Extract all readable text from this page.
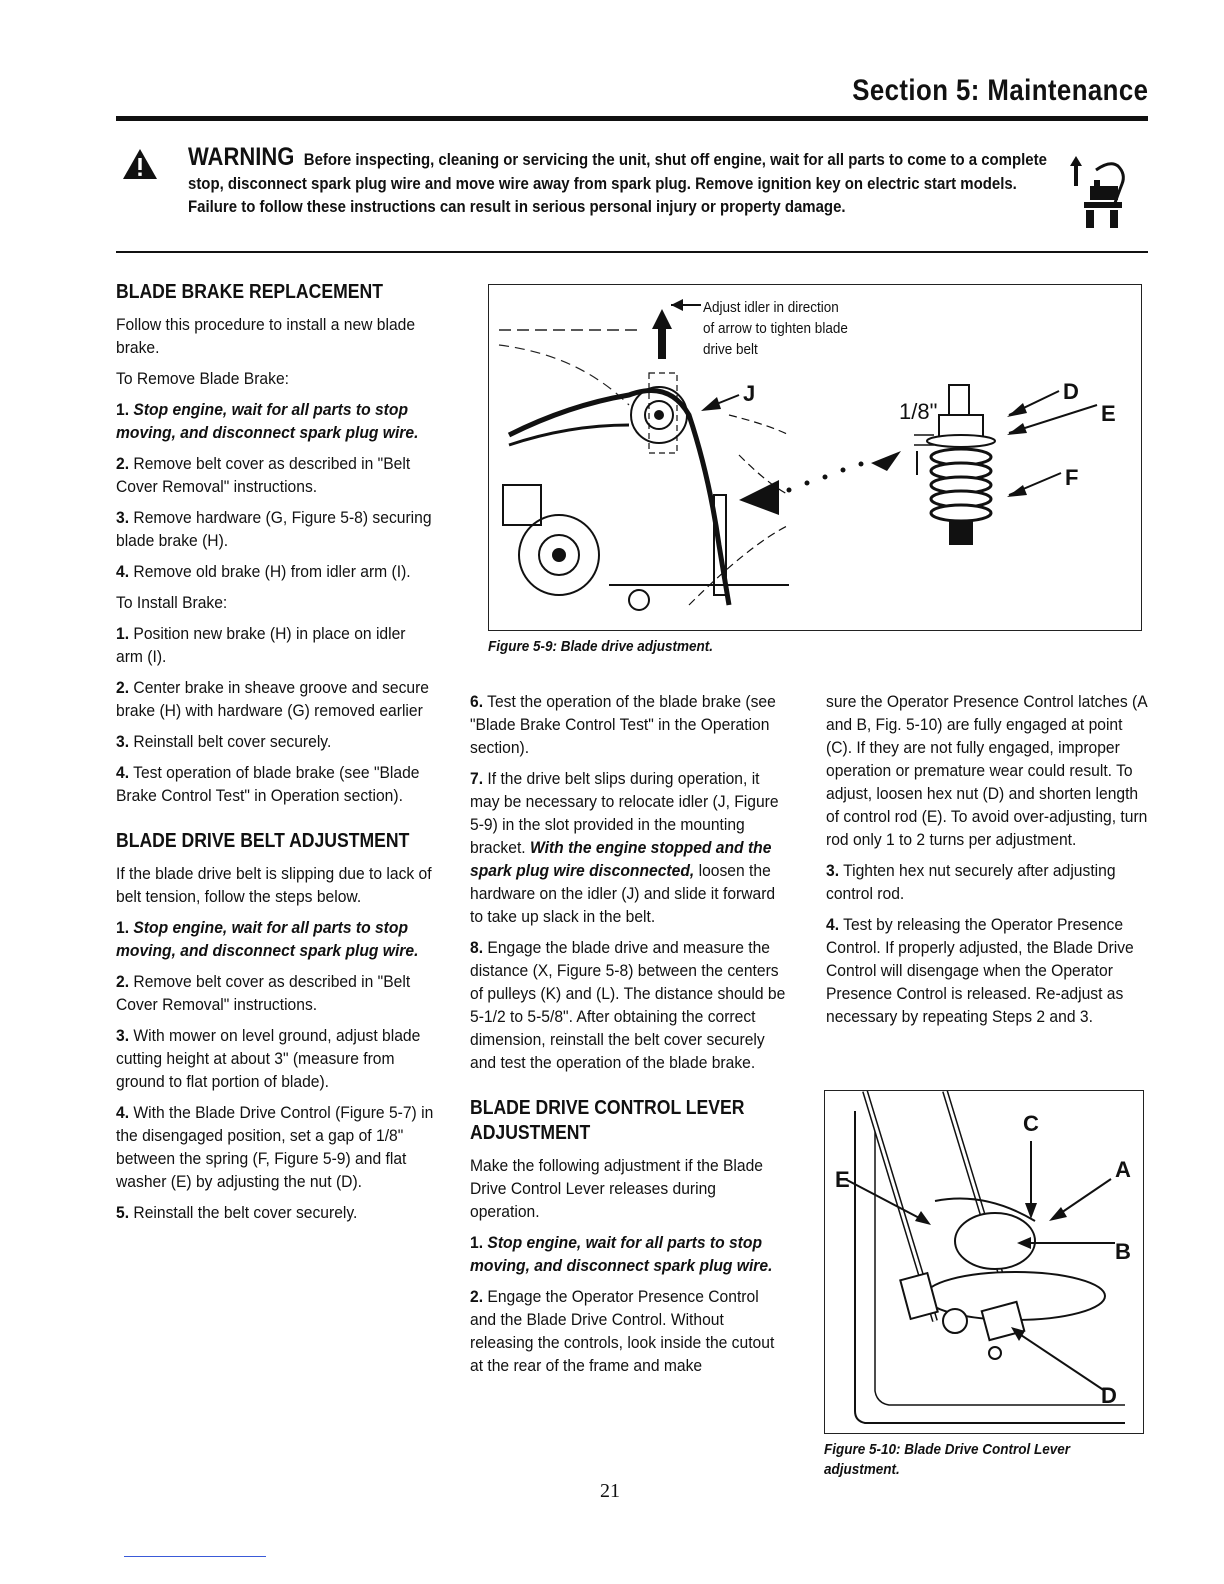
Section 5: Maintenance
WARNING Before inspecting, cleaning or servicing the unit, shut off engine, wait for all parts to come to a complete stop, disconnect spark plug wire and move wire away from spark plug. Remove ignition key on electric start models. Failure to follow these instructions can result in serious personal injury or property damage.
BLADE BRAKE REPLACEMENT

Follow this procedure to install a new blade brake.

To Remove Blade Brake:

1. Stop engine, wait for all parts to stop moving, and disconnect spark plug wire.

2. Remove belt cover as described in "Belt Cover Removal" instructions.

3. Remove hardware (G, Figure 5-8) securing blade brake (H).

4. Remove old brake (H) from idler arm (I).

To Install Brake:

1. Position new brake (H) in place on idler arm (I).

2. Center brake in sheave groove and secure brake (H) with hardware (G) removed earlier

3. Reinstall belt cover securely.

4. Test operation of blade brake (see "Blade Brake Control Test" in Operation section).

BLADE DRIVE BELT ADJUSTMENT

If the blade drive belt is slipping due to lack of belt tension, follow the steps below.

1. Stop engine, wait for all parts to stop moving, and disconnect spark plug wire.

2. Remove belt cover as described in "Belt Cover Removal" instructions.

3. With mower on level ground, adjust blade cutting height at about 3" (measure from ground to flat portion of blade).

4. With the Blade Drive Control (Figure 5-7) in the disengaged position, set a gap of 1/8" between the spring (F, Figure 5-9) and flat washer (E) by adjusting the nut (D).

5. Reinstall the belt cover securely.

Adjust idler in direction
of arrow to tighten blade
drive belt
J
1/8"
D
E
F
Figure 5-9: Blade drive adjustment.

6. Test the operation of the blade brake (see "Blade Brake Control Test" in the Operation section).

7. If the drive belt slips during operation, it may be necessary to relocate idler (J, Figure 5-9) in the slot provided in the mounting bracket. With the engine stopped and the spark plug wire disconnected, loosen the hardware on the idler (J) and slide it forward to take up slack in the belt.

8. Engage the blade drive and measure the distance (X, Figure 5-8) between the centers of pulleys (K) and (L). The distance should be 5-1/2 to 5-5/8". After obtaining the correct dimension, reinstall the belt cover securely and test the operation of the blade brake.

BLADE DRIVE CONTROL LEVER ADJUSTMENT

Make the following adjustment if the Blade Drive Control Lever releases during operation.

1. Stop engine, wait for all parts to stop moving, and disconnect spark plug wire.

2. Engage the Operator Presence Control and the Blade Drive Control. Without releasing the controls, look inside the cutout at the rear of the frame and make

sure the Operator Presence Control latches (A and B, Fig. 5-10) are fully engaged at point (C). If they are not fully engaged, improper operation or premature wear could result. To adjust, loosen hex nut (D) and shorten length of control rod (E). To avoid over-adjusting, turn rod only 1 to 2 turns per adjustment.

3. Tighten hex nut securely after adjusting control rod.

4. Test by releasing the Operator Presence Control. If properly adjusted, the Blade Drive Control will disengage when the Operator Presence Control is released. Re-adjust as necessary by repeating Steps 2 and 3.

C
A
E
B
D
Figure 5-10: Blade Drive Control Lever adjustment.
21
